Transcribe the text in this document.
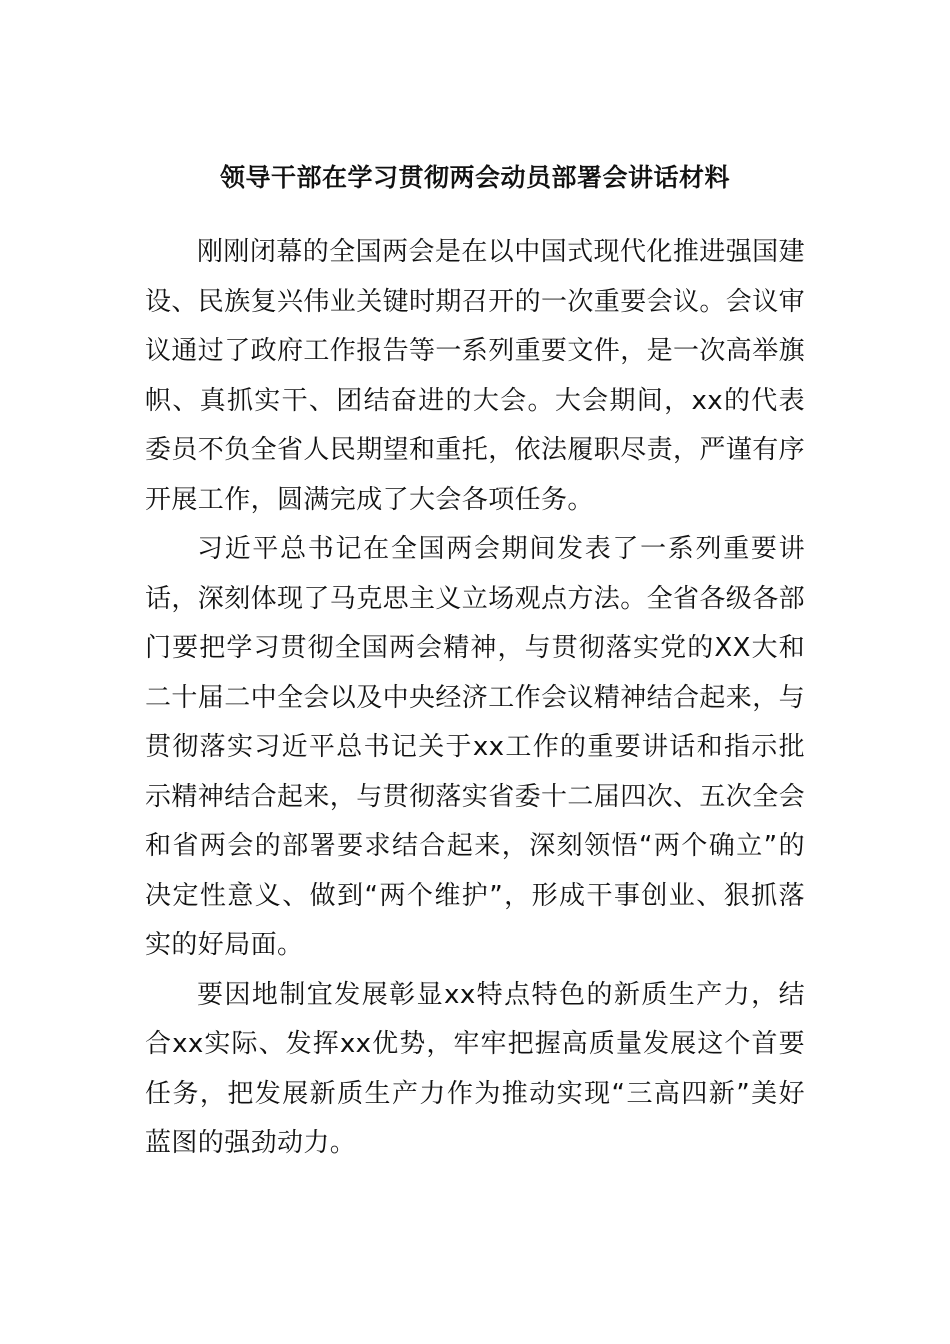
领导干部在学习贯彻两会动员部署会讲话材料

刚刚闭幕的全国两会是在以中国式现代化推进强国建设、民族复兴伟业关键时期召开的一次重要会议。会议审议通过了政府工作报告等一系列重要文件，是一次高举旗帜、真抓实干、团结奋进的大会。大会期间，xx的代表委员不负全省人民期望和重托，依法履职尽责，严谨有序开展工作，圆满完成了大会各项任务。

习近平总书记在全国两会期间发表了一系列重要讲话，深刻体现了马克思主义立场观点方法。全省各级各部门要把学习贯彻全国两会精神，与贯彻落实党的XX大和二十届二中全会以及中央经济工作会议精神结合起来，与贯彻落实习近平总书记关于xx工作的重要讲话和指示批示精神结合起来，与贯彻落实省委十二届四次、五次全会和省两会的部署要求结合起来，深刻领悟“两个确立”的决定性意义、做到“两个维护”，形成干事创业、狠抓落实的好局面。

要因地制宜发展彰显xx特点特色的新质生产力，结合xx实际、发挥xx优势，牢牢把握高质量发展这个首要任务，把发展新质生产力作为推动实现“三高四新”美好蓝图的强劲动力。
